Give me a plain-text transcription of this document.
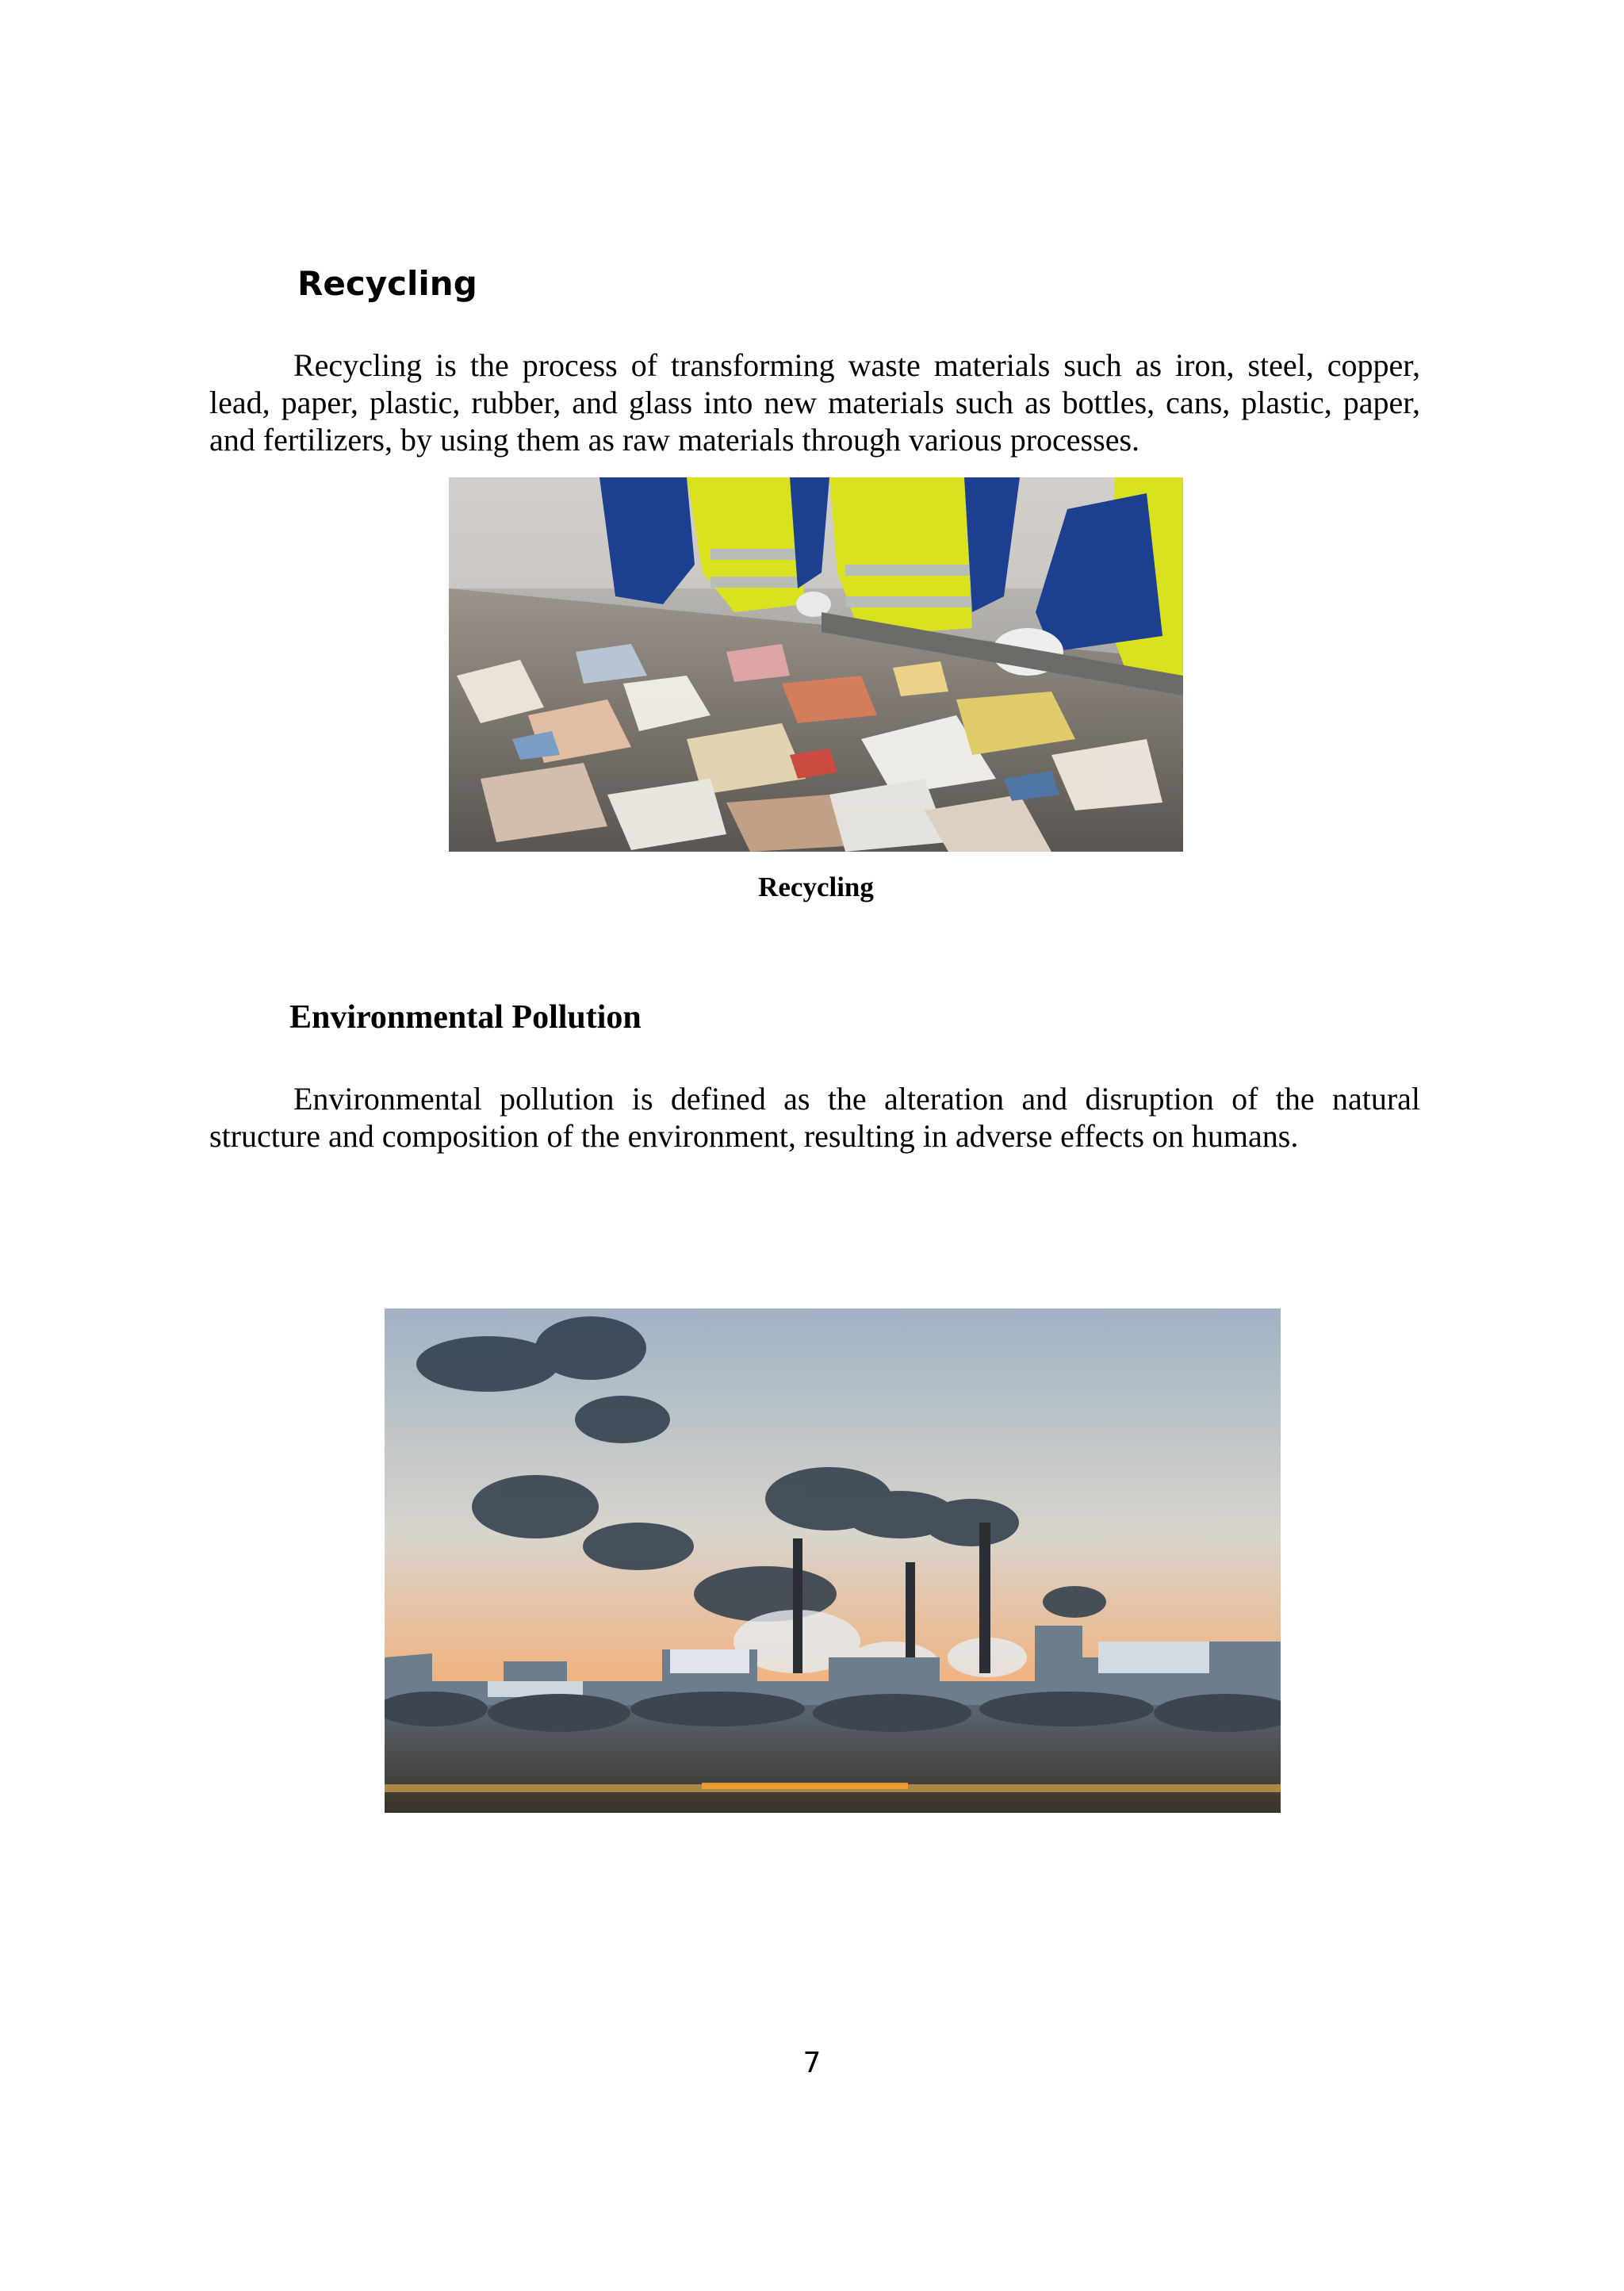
Recycling

Recycling is the process of transforming waste materials such as iron, steel, copper, lead, paper, plastic, rubber, and glass into new materials such as bottles, cans, plastic, paper, and fertilizers, by using them as raw materials through various processes.

Recycling

Environmental Pollution

Environmental pollution is defined as the alteration and disruption of the natural structure and composition of the environment, resulting in adverse effects on humans.

7
